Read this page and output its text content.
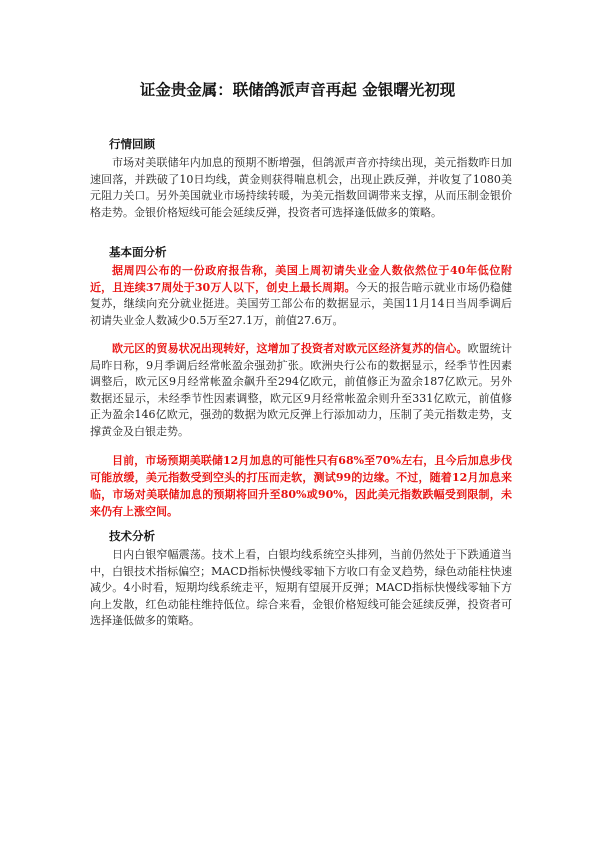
证金贵金属：联储鸽派声音再起 金银曙光初现
行情回顾

市场对美联储年内加息的预期不断增强，但鸽派声音亦持续出现，美元指数昨日加速回落，并跌破了10日均线，黄金则获得喘息机会，出现止跌反弹，并收复了1080美元阻力关口。另外美国就业市场持续转暖，为美元指数回调带来支撑，从而压制金银价格走势。金银价格短线可能会延续反弹，投资者可选择逢低做多的策略。

基本面分析

据周四公布的一份政府报告称，美国上周初请失业金人数依然位于40年低位附近，且连续37周处于30万人以下，创史上最长周期。今天的报告暗示就业市场仍稳健复苏，继续向充分就业挺进。美国劳工部公布的数据显示，美国11月14日当周季调后初请失业金人数减少0.5万至27.1万，前值27.6万。

欧元区的贸易状况出现转好，这增加了投资者对欧元区经济复苏的信心。欧盟统计局昨日称，9月季调后经常帐盈余强劲扩张。欧洲央行公布的数据显示，经季节性因素调整后，欧元区9月经常帐盈余飙升至294亿欧元，前值修正为盈余187亿欧元。另外数据还显示，未经季节性因素调整，欧元区9月经常帐盈余则升至331亿欧元，前值修正为盈余146亿欧元，强劲的数据为欧元反弹上行添加动力，压制了美元指数走势，支撑黄金及白银走势。

目前，市场预期美联储12月加息的可能性只有68%至70%左右，且今后加息步伐可能放缓，美元指数受到空头的打压而走软，测试99的边缘。不过，随着12月加息来临，市场对美联储加息的预期将回升至80%或90%，因此美元指数跌幅受到限制，未来仍有上涨空间。

技术分析

日内白银窄幅震荡。技术上看，白银均线系统空头排列，当前仍然处于下跌通道当中，白银技术指标偏空；MACD指标快慢线零轴下方收口有金叉趋势，绿色动能柱快速减少。4小时看，短期均线系统走平，短期有望展开反弹；MACD指标快慢线零轴下方向上发散，红色动能柱维持低位。综合来看，金银价格短线可能会延续反弹，投资者可选择逢低做多的策略。
